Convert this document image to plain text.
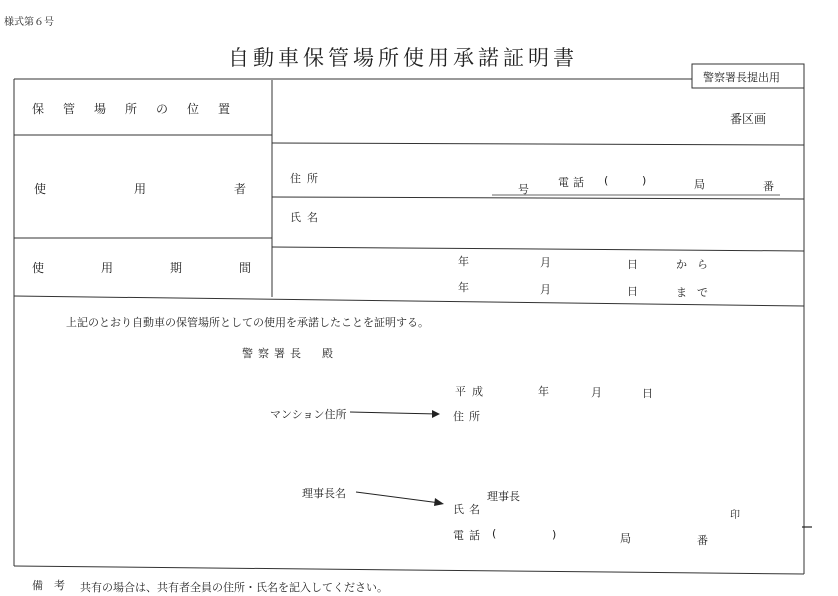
様式第６号
自動車保管場所使用承諾証明書
警察署長提出用
保管場所の位置
番区画
使用者
住所
号
電話 (	)	局	番
氏名
使用期間	年	月	日	から
年	月	日	まで
上記のとおり自動車の保管場所としての使用を承諾したことを証明する。
警察署長　殿
平成	年	月	日
マンション住所	住所
理事長名	理事長
氏名	印
電話 (	)	局	番
備　考 共有の場合は、共有者全員の住所・氏名を記入してください。
